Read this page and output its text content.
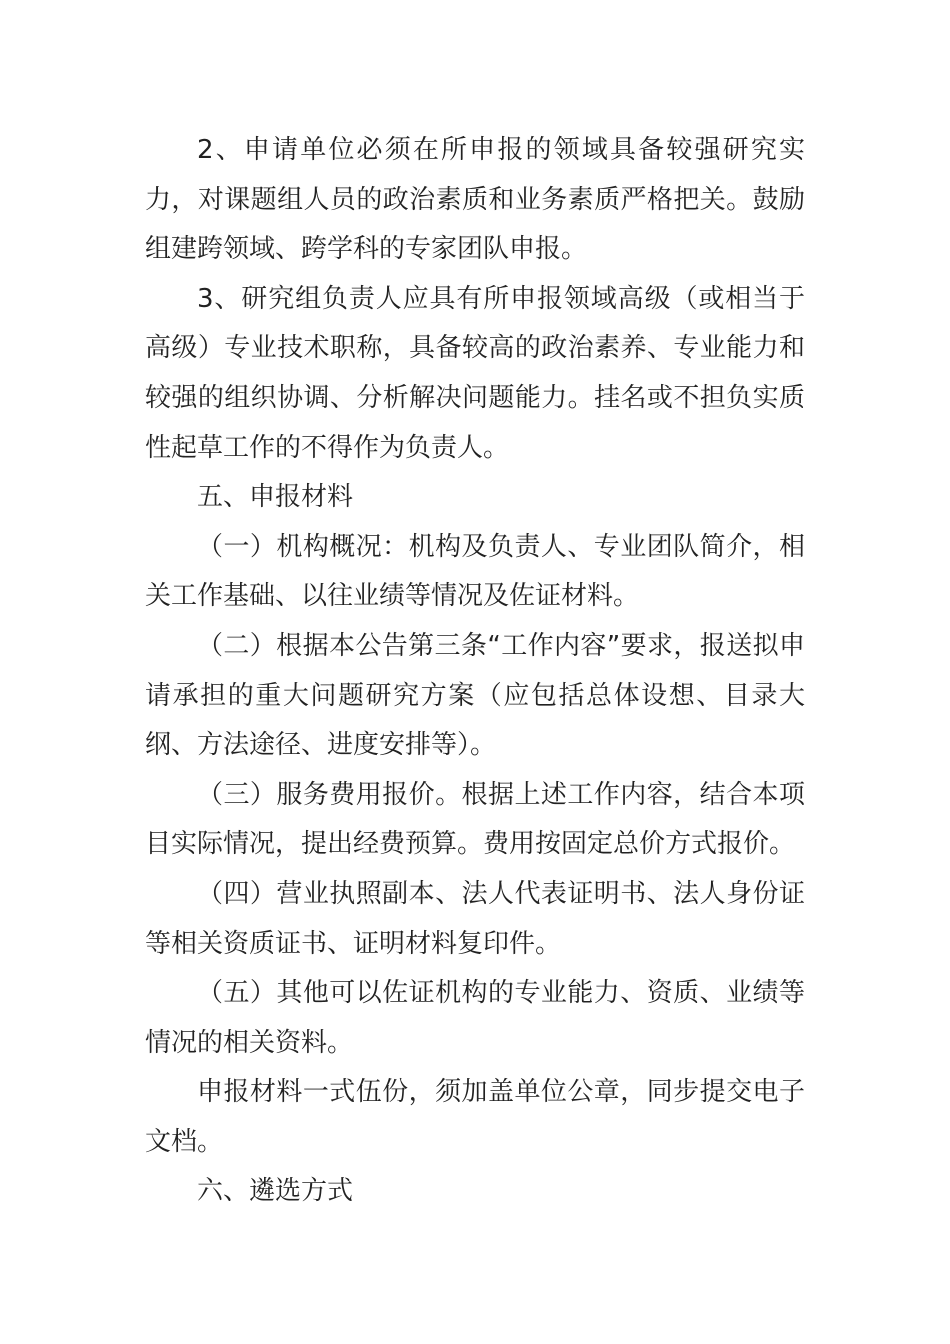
2、申请单位必须在所申报的领域具备较强研究实力，对课题组人员的政治素质和业务素质严格把关。鼓励组建跨领域、跨学科的专家团队申报。

3、研究组负责人应具有所申报领域高级（或相当于高级）专业技术职称，具备较高的政治素养、专业能力和较强的组织协调、分析解决问题能力。挂名或不担负实质性起草工作的不得作为负责人。

五、申报材料

（一）机构概况：机构及负责人、专业团队简介，相关工作基础、以往业绩等情况及佐证材料。

（二）根据本公告第三条“工作内容”要求，报送拟申请承担的重大问题研究方案（应包括总体设想、目录大纲、方法途径、进度安排等）。

（三）服务费用报价。根据上述工作内容，结合本项目实际情况，提出经费预算。费用按固定总价方式报价。

（四）营业执照副本、法人代表证明书、法人身份证等相关资质证书、证明材料复印件。

（五）其他可以佐证机构的专业能力、资质、业绩等情况的相关资料。

申报材料一式伍份，须加盖单位公章，同步提交电子文档。

六、遴选方式
